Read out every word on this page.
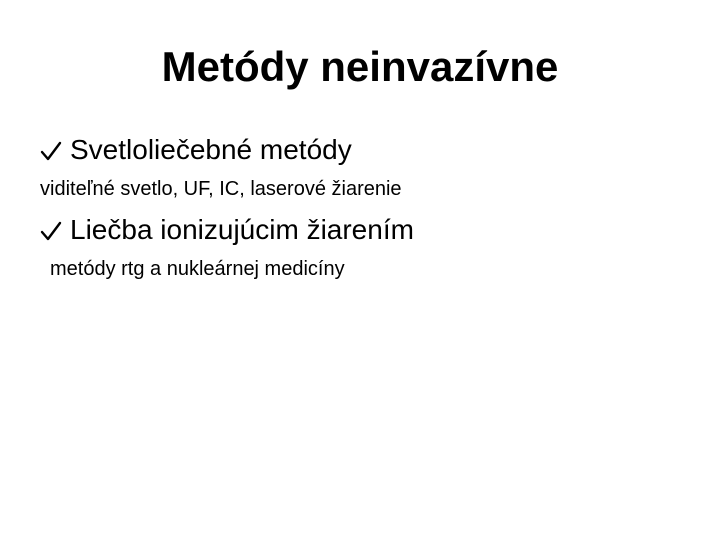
Metódy neinvazívne
Svetloliečebné metódy
viditeľné svetlo, UF, IC, laserové žiarenie
Liečba ionizujúcim žiarením
metódy rtg a nukleárnej medicíny
